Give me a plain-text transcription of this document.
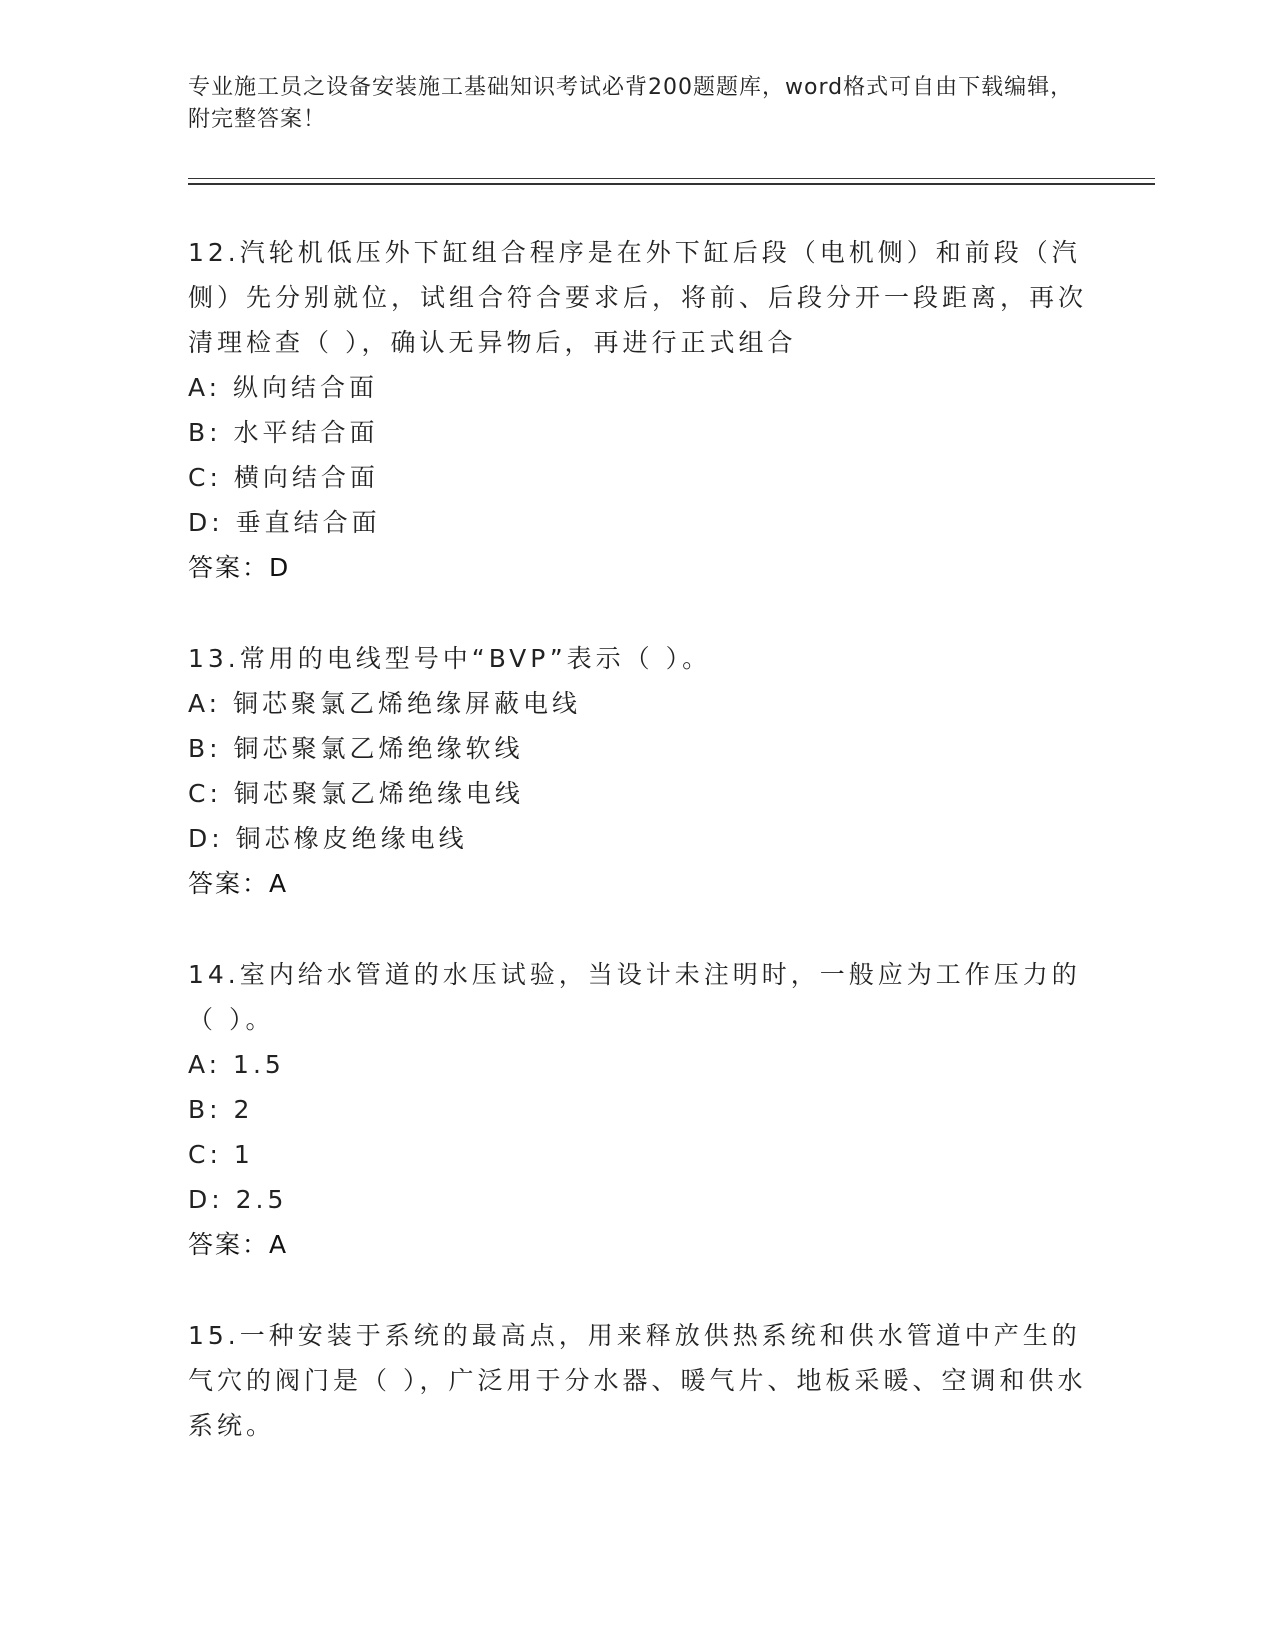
专业施工员之设备安装施工基础知识考试必背200题题库，word格式可自由下载编辑，附完整答案！
12.汽轮机低压外下缸组合程序是在外下缸后段（电机侧）和前段（汽侧）先分别就位，试组合符合要求后，将前、后段分开一段距离，再次清理检查（ ），确认无异物后，再进行正式组合
A: 纵向结合面
B: 水平结合面
C: 横向结合面
D: 垂直结合面
答案：D
13.常用的电线型号中“BVP”表示（ ）。
A: 铜芯聚氯乙烯绝缘屏蔽电线
B: 铜芯聚氯乙烯绝缘软线
C: 铜芯聚氯乙烯绝缘电线
D: 铜芯橡皮绝缘电线
答案：A
14.室内给水管道的水压试验，当设计未注明时，一般应为工作压力的（ ）。
A: 1.5
B: 2
C: 1
D: 2.5
答案：A
15.一种安装于系统的最高点，用来释放供热系统和供水管道中产生的气穴的阀门是（ ），广泛用于分水器、暖气片、地板采暖、空调和供水系统。
